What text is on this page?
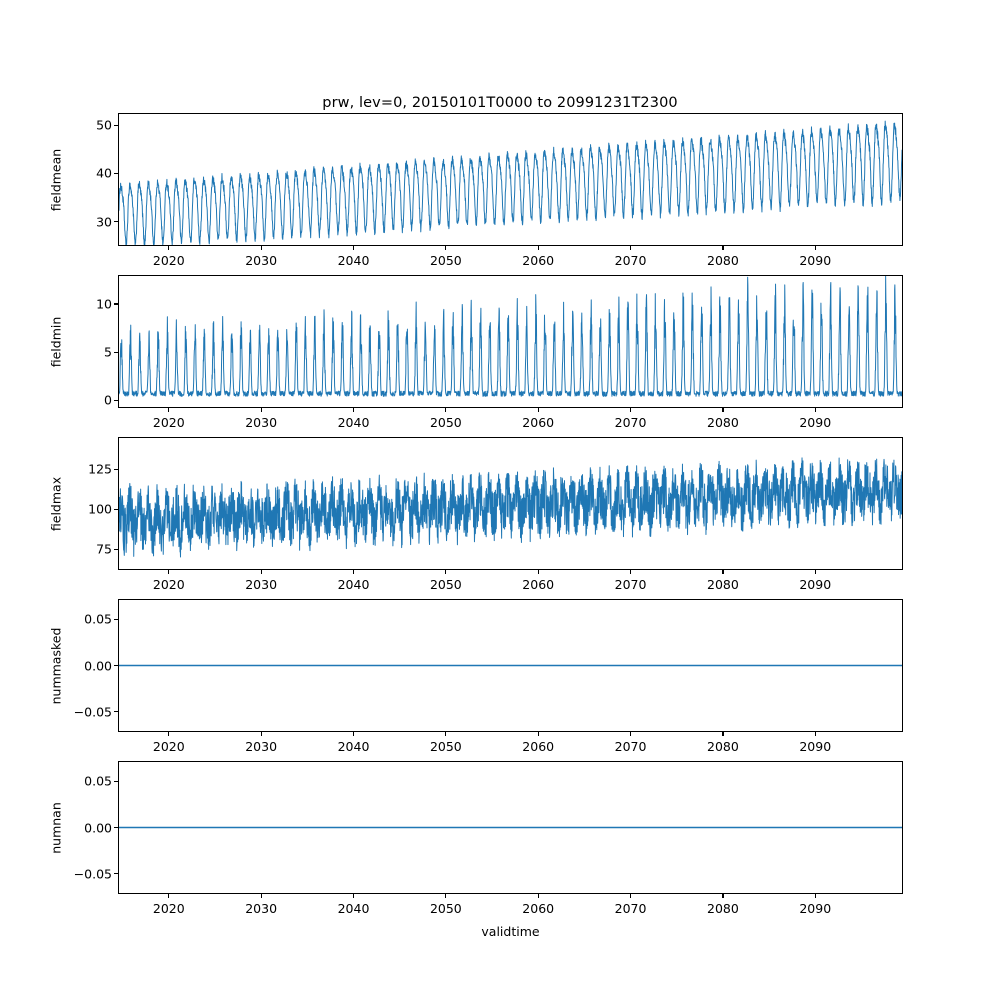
prw, lev=0, 20150101T0000 to 20991231T2300
fieldmean
30
40
50
2020	2030	2040	2050	2060	2070	2080	2090
fieldmin
0
5
10
2020	2030	2040	2050	2060	2070	2080	2090
fieldmax
75
100
125
2020	2030	2040	2050	2060	2070	2080	2090
nummasked
−0.05
0.00
0.05
2020	2030	2040	2050	2060	2070	2080	2090
numnan
−0.05
0.00
0.05
2020	2030	2040	2050	2060	2070	2080	2090
validtime
